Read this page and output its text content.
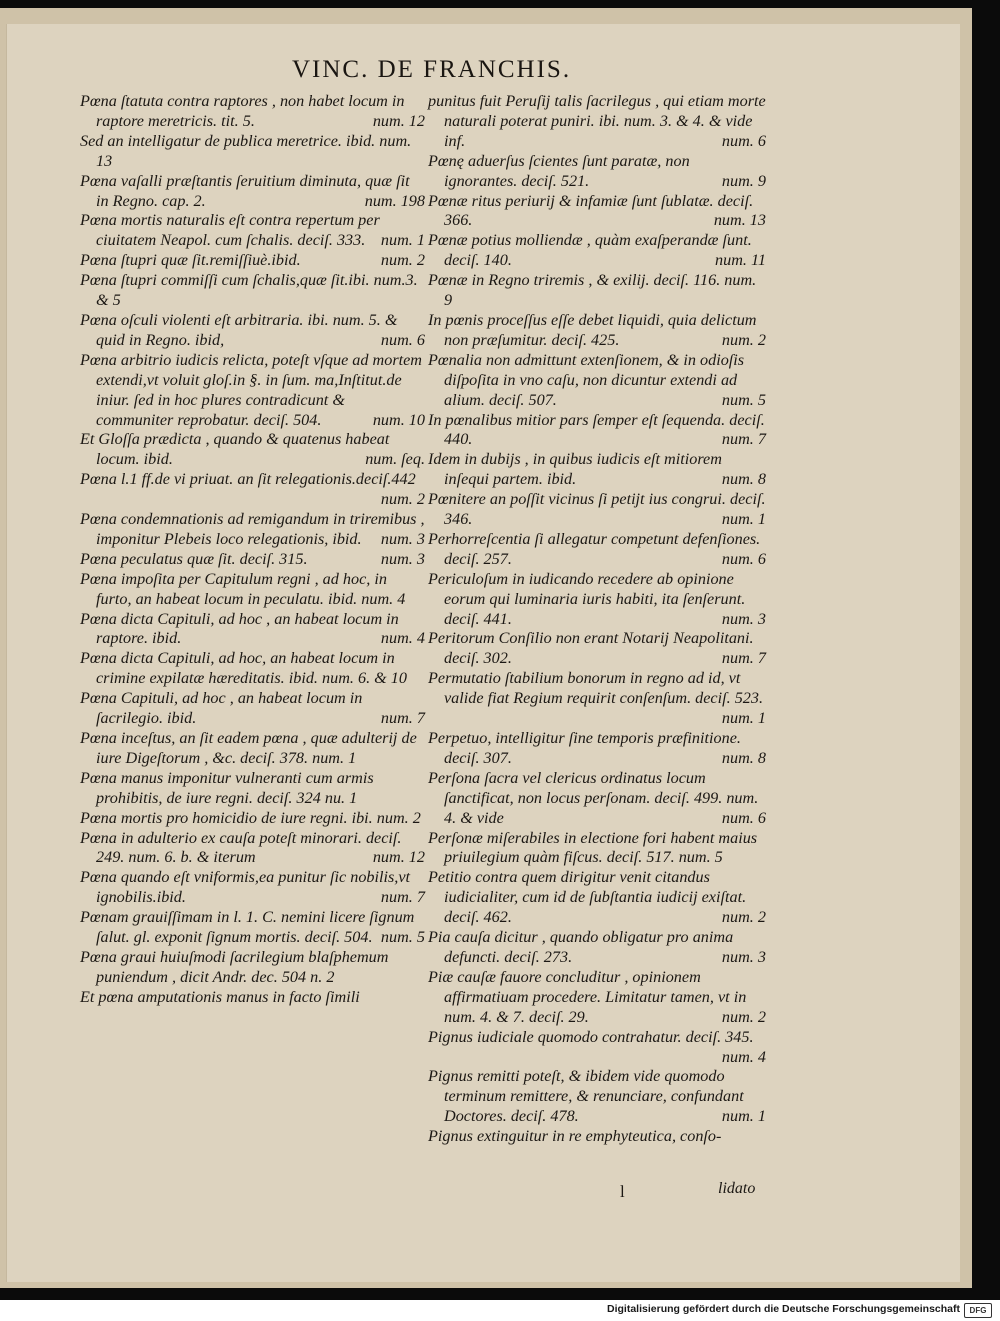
VINC. DE FRANCHIS.
Pœna ſtatuta contra raptores , non habet locum in raptore meretricis. tit. 5.	num. 12
Sed an intelligatur de publica meretrice. ibid. num. 13
Pœna vaſalli præſtantis ſeruitium diminuta, quæ ſit in Regno. cap. 2.	num. 198
Pœna mortis naturalis eſt contra repertum per ciuitatem Neapol. cum ſchalis. deciſ. 333. num. 1
Pœna ſtupri quæ ſit.remiſſiuè.ibid.	num. 2
Pœna ſtupri commiſſi cum ſchalis,quæ ſit.ibi. num.3. & 5
Pœna oſculi violenti eſt arbitraria. ibi. num. 5. & quid in Regno. ibid,	num. 6
Pœna arbitrio iudicis relicta, poteſt vſque ad mortem extendi,vt voluit gloſ.in §. in ſum. ma,Inſtitut.de iniur. ſed in hoc plures contradicunt & communiter reprobatur. deciſ. 504.	num. 10
Et Gloſſa prædicta , quando & quatenus habeat locum. ibid.	num. ſeq.
Pœna l.1 ff.de vi priuat. an ſit relegationis.deciſ.442
num. 2
Pœna condemnationis ad remigandum in triremibus , imponitur Plebeis loco relegationis, ibid. num. 3
Pœna peculatus quæ ſit. deciſ. 315.	num. 3
Pœna impoſita per Capitulum regni , ad hoc, in furto, an habeat locum in peculatu. ibid. num. 4
Pœna dicta Capituli, ad hoc , an habeat locum in raptore. ibid.	num. 4
Pœna dicta Capituli, ad hoc, an habeat locum in crimine expilatæ hæreditatis. ibid. num. 6. & 10
Pœna Capituli, ad hoc , an habeat locum in ſacrilegio. ibid.	num. 7
Pœna inceſtus, an ſit eadem pœna , quæ adulterij de iure Digeſtorum , &c. deciſ. 378. num. 1
Pœna manus imponitur vulneranti cum armis prohibitis, de iure regni. deciſ. 324 nu. 1
Pœna mortis pro homicidio de iure regni. ibi. num. 2
Pœna in adulterio ex cauſa poteſt minorari. deciſ. 249. num. 6. b. & iterum	num. 12
Pœna quando eſt vniformis,ea punitur ſic nobilis,vt ignobilis.ibid.	num. 7
Pœnam grauiſſimam in l. 1. C. nemini licere ſignum ſalut. gl. exponit ſignum mortis. deciſ. 504. num. 5
Pœna graui huiuſmodi ſacrilegium blaſphemum puniendum , dicit Andr. dec. 504 n. 2
Et pœna amputationis manus in facto ſimili
punitus fuit Peruſij talis ſacrilegus , qui etiam morte naturali poterat puniri. ibi. num. 3. & 4. & vide inf.	num. 6
Pœnę aduerſus ſcientes ſunt paratæ, non ignorantes. deciſ. 521.	num. 9
Pœnæ ritus periurij & infamiæ ſunt ſublatæ. deciſ. 366.	num. 13
Pœnæ potius molliendæ , quàm exaſperandæ ſunt. deciſ. 140.	num. 11
Pœnæ in Regno triremis , & exilij. deciſ. 116. num. 9
In pœnis proceſſus eſſe debet liquidi, quia delictum non præſumitur. deciſ. 425.	num. 2
Pœnalia non admittunt extenſionem, & in odioſis diſpoſita in vno caſu, non dicuntur extendi ad alium. deciſ. 507.	num. 5
In pœnalibus mitior pars ſemper eſt ſequenda. deciſ. 440.	num. 7
Idem in dubijs , in quibus iudicis eſt mitiorem inſequi partem. ibid.	num. 8
Pœnitere an poſſit vicinus ſi petijt ius congrui. deciſ. 346.	num. 1
Perhorreſcentia ſi allegatur competunt defenſiones. deciſ. 257.	num. 6
Periculoſum in iudicando recedere ab opinione eorum qui luminaria iuris habiti, ita ſenſerunt. deciſ. 441.	num. 3
Peritorum Conſilio non erant Notarij Neapolitani. deciſ. 302.	num. 7
Permutatio ſtabilium bonorum in regno ad id, vt valide fiat Regium requirit conſenſum. deciſ. 523.
num. 1
Perpetuo, intelligitur ſine temporis præfinitione. deciſ. 307.	num. 8
Perſona ſacra vel clericus ordinatus locum ſanctificat, non locus perſonam. deciſ. 499. num. 4. & vide	num. 6
Perſonæ miſerabiles in electione fori habent maius priuilegium quàm fiſcus. deciſ. 517. num. 5
Petitio contra quem dirigitur venit citandus iudicialiter, cum id de ſubſtantia iudicij exiſtat. deciſ. 462.	num. 2
Pia cauſa dicitur , quando obligatur pro anima defuncti. deciſ. 273.	num. 3
Piæ cauſæ fauore concluditur , opinionem affirmatiuam procedere. Limitatur tamen, vt in num. 4. & 7. deciſ. 29.	num. 2
Pignus iudiciale quomodo contrahatur. deciſ. 345.
num. 4
Pignus remitti poteſt, & ibidem vide quomodo terminum remittere, & renunciare, confundant Doctores. deciſ. 478.	num. 1
Pignus extinguitur in re emphyteutica, conſo-
l	lidato
Digitalisierung gefördert durch die Deutsche Forschungsgemeinschaft	DFG
